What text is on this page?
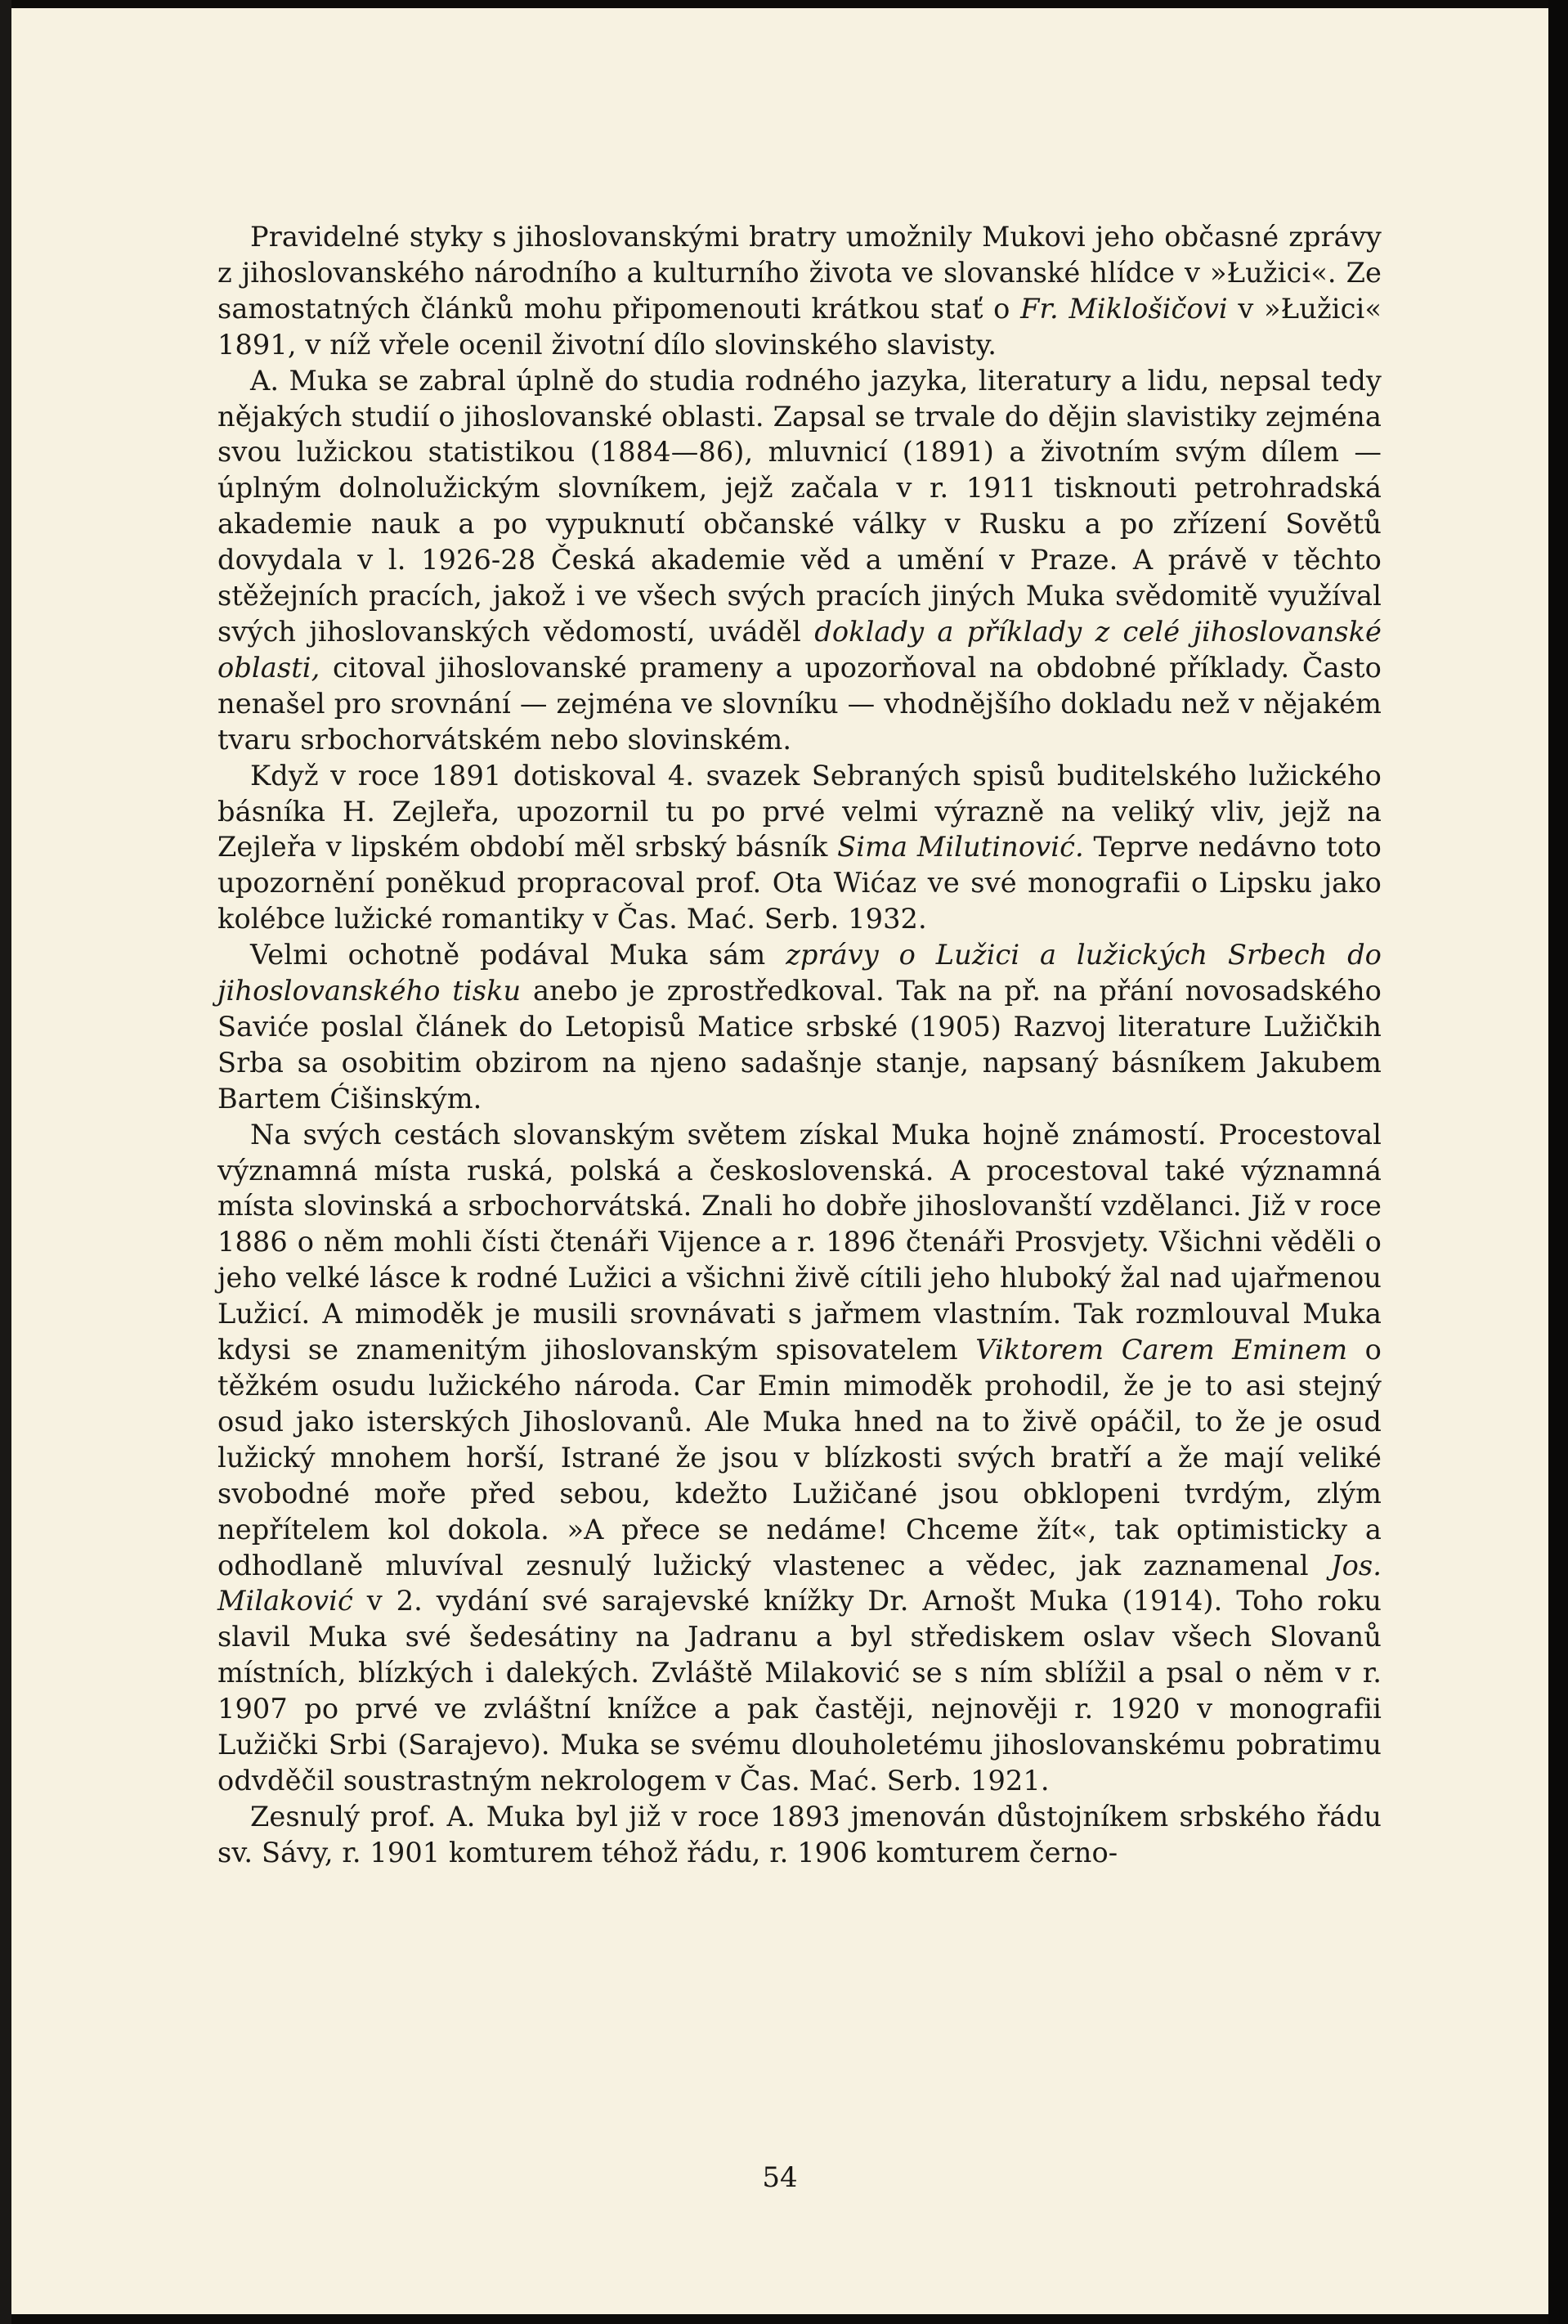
Pravidelné styky s jihoslovanskými bratry umožnily Mukovi jeho občasné zprávy z jihoslovanského národního a kulturního života ve slovanské hlídce v »Łužici«. Ze samostatných článků mohu připomenouti krátkou stať o Fr. Miklošičovi v »Łužici« 1891, v níž vřele ocenil životní dílo slovinského slavisty.

A. Muka se zabral úplně do studia rodného jazyka, literatury a lidu, nepsal tedy nějakých studií o jihoslovanské oblasti. Zapsal se trvale do dějin slavistiky zejména svou lužickou statistikou (1884—86), mluvnicí (1891) a životním svým dílem — úplným dolnolužickým slovníkem, jejž začala v r. 1911 tisknouti petrohradská akademie nauk a po vypuknutí občanské války v Rusku a po zřízení Sovětů dovydala v l. 1926-28 Česká akademie věd a umění v Praze. A právě v těchto stěžejních pracích, jakož i ve všech svých pracích jiných Muka svědomitě využíval svých jihoslovanských vědomostí, uváděl doklady a příklady z celé jihoslovanské oblasti, citoval jihoslovanské prameny a upozorňoval na obdobné příklady. Často nenašel pro srovnání — zejména ve slovníku — vhodnějšího dokladu než v nějakém tvaru srbochorvátském nebo slovinském.

Když v roce 1891 dotiskoval 4. svazek Sebraných spisů buditelského lužického básníka H. Zejleřa, upozornil tu po prvé velmi výrazně na veliký vliv, jejž na Zejleřa v lipském období měl srbský básník Sima Milutinović. Teprve nedávno toto upozornění poněkud propracoval prof. Ota Wićaz ve své monografii o Lipsku jako kolébce lužické romantiky v Čas. Mać. Serb. 1932.

Velmi ochotně podával Muka sám zprávy o Lužici a lužických Srbech do jihoslovanského tisku anebo je zprostředkoval. Tak na př. na přání novosadského Saviće poslal článek do Letopisů Matice srbské (1905) Razvoj literature Lužičkih Srba sa osobitim obzirom na njeno sadašnje stanje, napsaný básníkem Jakubem Bartem Ćišinským.

Na svých cestách slovanským světem získal Muka hojně známostí. Procestoval významná místa ruská, polská a československá. A procestoval také významná místa slovinská a srbochorvátská. Znali ho dobře jihoslovanští vzdělanci. Již v roce 1886 o něm mohli čísti čtenáři Vijence a r. 1896 čtenáři Prosvjety. Všichni věděli o jeho velké lásce k rodné Lužici a všichni živě cítili jeho hluboký žal nad ujařmenou Lužicí. A mimoděk je musili srovnávati s jařmem vlastním. Tak rozmlouval Muka kdysi se znamenitým jihoslovanským spisovatelem Viktorem Carem Eminem o těžkém osudu lužického národa. Car Emin mimoděk prohodil, že je to asi stejný osud jako isterských Jihoslovanů. Ale Muka hned na to živě opáčil, to že je osud lužický mnohem horší, Istrané že jsou v blízkosti svých bratří a že mají veliké svobodné moře před sebou, kdežto Lužičané jsou obklopeni tvrdým, zlým nepřítelem kol dokola. »A přece se nedáme! Chceme žít«, tak optimisticky a odhodlaně mluvíval zesnulý lužický vlastenec a vědec, jak zaznamenal Jos. Milaković v 2. vydání své sarajevské knížky Dr. Arnošt Muka (1914). Toho roku slavil Muka své šedesátiny na Jadranu a byl střediskem oslav všech Slovanů místních, blízkých i dalekých. Zvláště Milaković se s ním sblížil a psal o něm v r. 1907 po prvé ve zvláštní knížce a pak častěji, nejnověji r. 1920 v monografii Lužički Srbi (Sarajevo). Muka se svému dlouholetému jihoslovanskému pobratimu odvděčil soustrastným nekrologem v Čas. Mać. Serb. 1921.

Zesnulý prof. A. Muka byl již v roce 1893 jmenován důstojníkem srbského řádu sv. Sávy, r. 1901 komturem téhož řádu, r. 1906 komturem černo-

54
